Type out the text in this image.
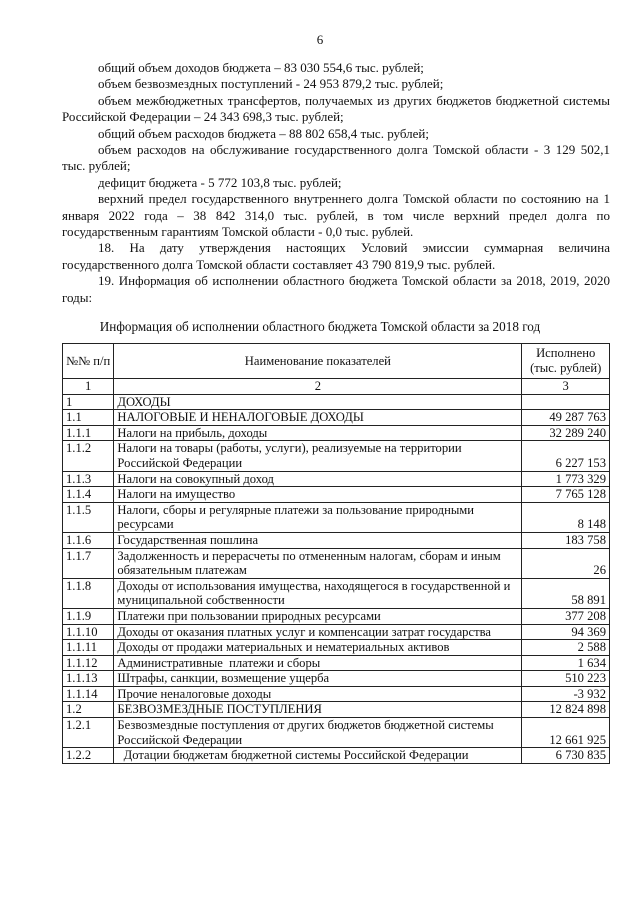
6

общий объем доходов бюджета – 83 030 554,6 тыс. рублей;

объем безвозмездных поступлений - 24 953 879,2 тыс. рублей;

объем межбюджетных трансфертов, получаемых из других бюджетов бюджетной системы Российской Федерации – 24 343 698,3 тыс. рублей;

общий объем расходов бюджета – 88 802 658,4 тыс. рублей;

объем расходов на обслуживание государственного долга Томской области - 3 129 502,1 тыс. рублей;

дефицит бюджета - 5 772 103,8 тыс. рублей;

верхний предел государственного внутреннего долга Томской области по состоянию на 1 января 2022 года – 38 842 314,0 тыс. рублей, в том числе верхний предел долга по государственным гарантиям Томской области - 0,0 тыс. рублей.

18. На дату утверждения настоящих Условий эмиссии суммарная величина государственного долга Томской области составляет 43 790 819,9 тыс. рублей.

19. Информация об исполнении областного бюджета Томской области за 2018, 2019, 2020 годы:

Информация об исполнении областного бюджета Томской области за 2018 год
№№ п/п	Наименование показателей	Исполнено (тыс. рублей)
1	2	3
1	ДОХОДЫ	
1.1	НАЛОГОВЫЕ И НЕНАЛОГОВЫЕ ДОХОДЫ	49 287 763
1.1.1	Налоги на прибыль, доходы	32 289 240
1.1.2	Налоги на товары (работы, услуги), реализуемые на территории Российской Федерации	6 227 153
1.1.3	Налоги на совокупный доход	1 773 329
1.1.4	Налоги на имущество	7 765 128
1.1.5	Налоги, сборы и регулярные платежи за пользование природными ресурсами	8 148
1.1.6	Государственная пошлина	183 758
1.1.7	Задолженность и перерасчеты по отмененным налогам, сборам и иным обязательным платежам	26
1.1.8	Доходы от использования имущества, находящегося в государственной и муниципальной собственности	58 891
1.1.9	Платежи при пользовании природных ресурсами	377 208
1.1.10	Доходы от оказания платных услуг и компенсации затрат государства	94 369
1.1.11	Доходы от продажи материальных и нематериальных активов	2 588
1.1.12	Административные  платежи и сборы	1 634
1.1.13	Штрафы, санкции, возмещение ущерба	510 223
1.1.14	Прочие неналоговые доходы	-3 932
1.2	БЕЗВОЗМЕЗДНЫЕ ПОСТУПЛЕНИЯ	12 824 898
1.2.1	Безвозмездные поступления от других бюджетов бюджетной системы Российской Федерации	12 661 925
1.2.2	Дотации бюджетам бюджетной системы Российской Федерации	6 730 835
